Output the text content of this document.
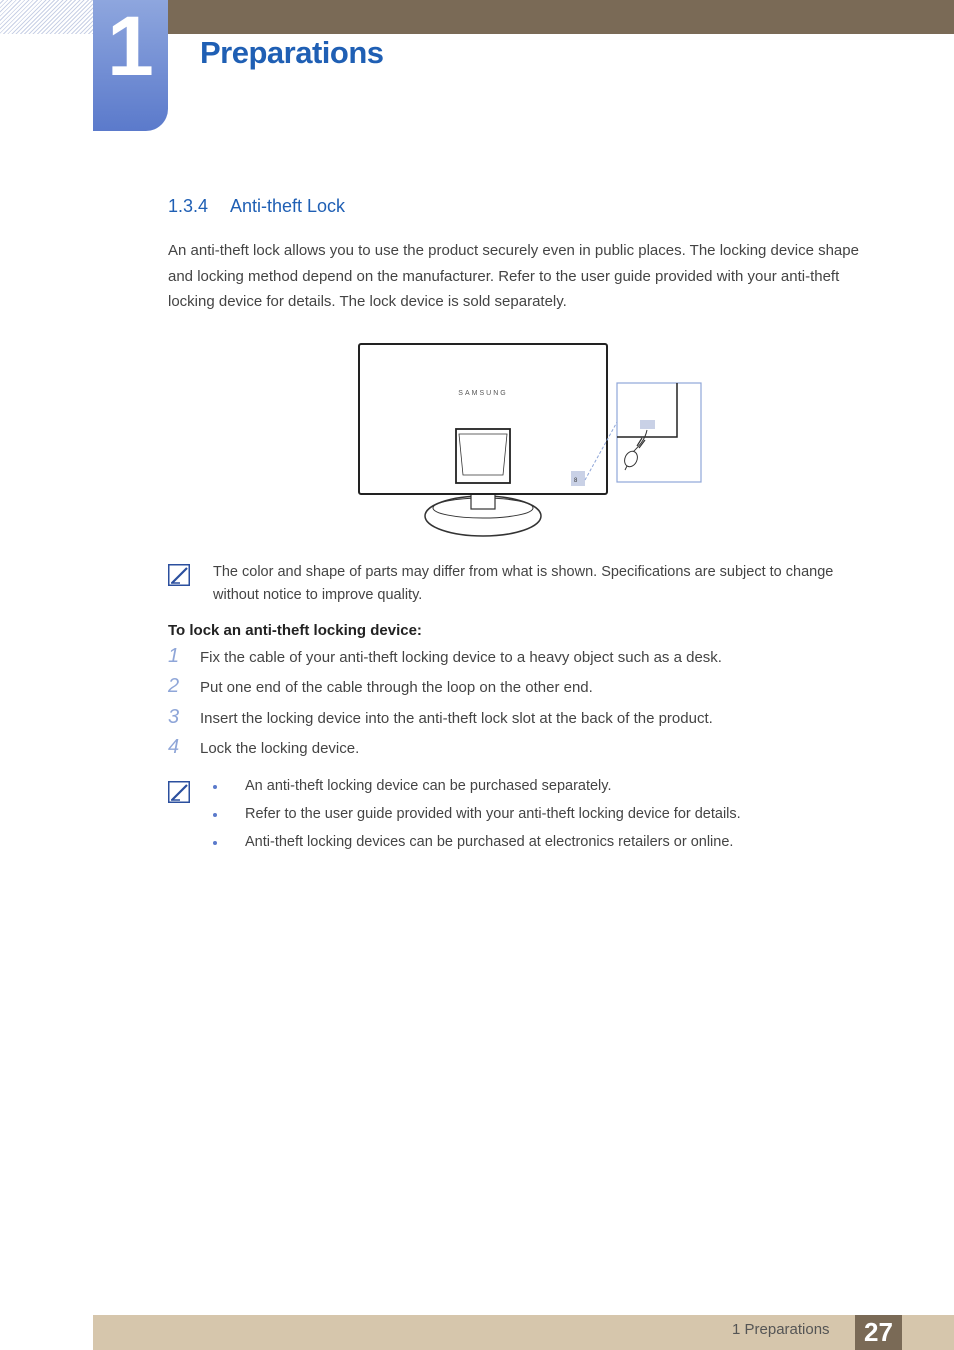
1	Preparations
1.3.4 Anti-theft Lock
An anti-theft lock allows you to use the product securely even in public places. The locking device shape and locking method depend on the manufacturer. Refer to the user guide provided with your anti-theft locking device for details. The lock device is sold separately.
SAMSUNG
8
The color and shape of parts may differ from what is shown. Specifications are subject to change without notice to improve quality.
To lock an anti-theft locking device:
1 Fix the cable of your anti-theft locking device to a heavy object such as a desk.
2 Put one end of the cable through the loop on the other end.
3 Insert the locking device into the anti-theft lock slot at the back of the product.
4 Lock the locking device.
An anti-theft locking device can be purchased separately.
Refer to the user guide provided with your anti-theft locking device for details.
Anti-theft locking devices can be purchased at electronics retailers or online.
1 Preparations	27
